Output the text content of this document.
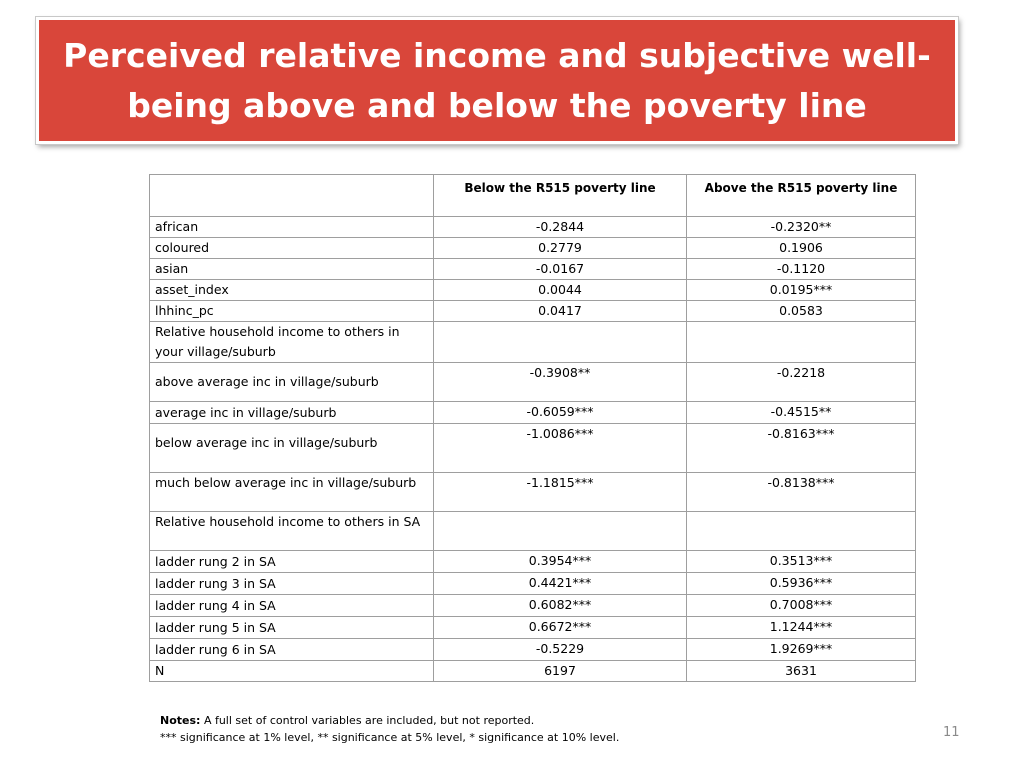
Perceived relative income and subjective well-being above and below the poverty line
	Below the R515 poverty line	Above the R515 poverty line
african	-0.2844	-0.2320**
coloured	0.2779	0.1906
asian	-0.0167	-0.1120
asset_index	0.0044	0.0195***
lhhinc_pc	0.0417	0.0583
Relative household income to others in your village/suburb		
above average inc in village/suburb	-0.3908**	-0.2218
average inc in village/suburb	-0.6059***	-0.4515**
below average inc in village/suburb	-1.0086***	-0.8163***
much below average inc in village/suburb	-1.1815***	-0.8138***
Relative household income to others in SA		
ladder rung 2 in SA	0.3954***	0.3513***
ladder rung 3 in SA	0.4421***	0.5936***
ladder rung 4 in SA	0.6082***	0.7008***
ladder rung 5 in SA	0.6672***	1.1244***
ladder rung 6 in SA	-0.5229	1.9269***
N	6197	3631
Notes: A full set of control variables are included, but not reported.
*** significance at 1% level, ** significance at 5% level, * significance at 10% level.	11
